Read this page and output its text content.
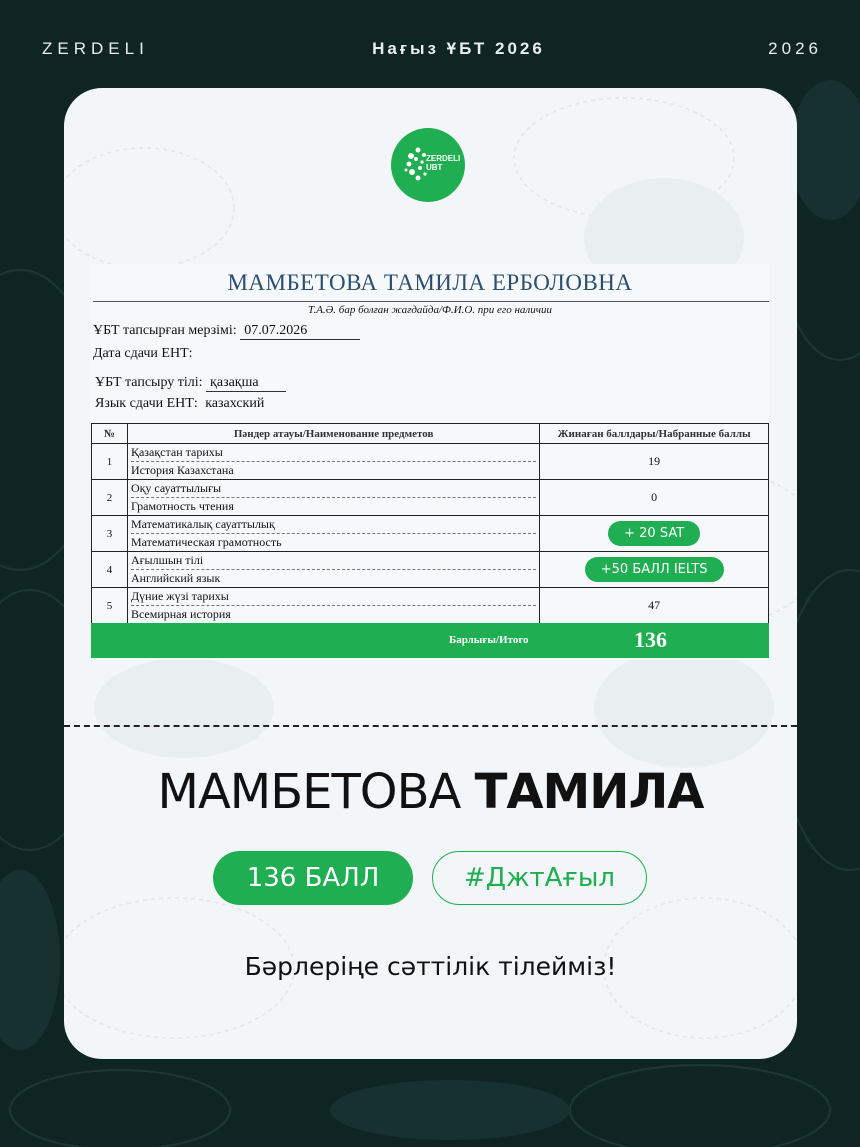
ZERDELI	Нағыз ҰБТ 2026	2026
ZERDELI
UBT
МАМБЕТОВА ТАМИЛА ЕРБОЛОВНА
Т.А.Ә. бар болған жағдайда/Ф.И.О. при его наличии
ҰБТ тапсырған мерзімі: 07.07.2026
Дата сдачи ЕНТ:
ҰБТ тапсыру тілі: қазақша
Язык сдачи ЕНТ: казахский
№	Пәндер атауы/Наименование предметов	Жинаған баллдары/Набранные баллы
1	Қазақстан тарихы
История Казахстана	19
2	Оқу сауаттылығы
Грамотность чтения	0
3	Математикалық сауаттылық
Математическая грамотность	+ 20 SAT
4	Ағылшын тілі
Английский язык	+50 БАЛЛ IELTS
5	Дүние жүзі тарихы
Всемирная история	47
Барлығы/Итого	136
МАМБЕТОВА ТАМИЛА
136 БАЛЛ	#ДжтАғыл
Бәрлеріңе сәттілік тілейміз!
